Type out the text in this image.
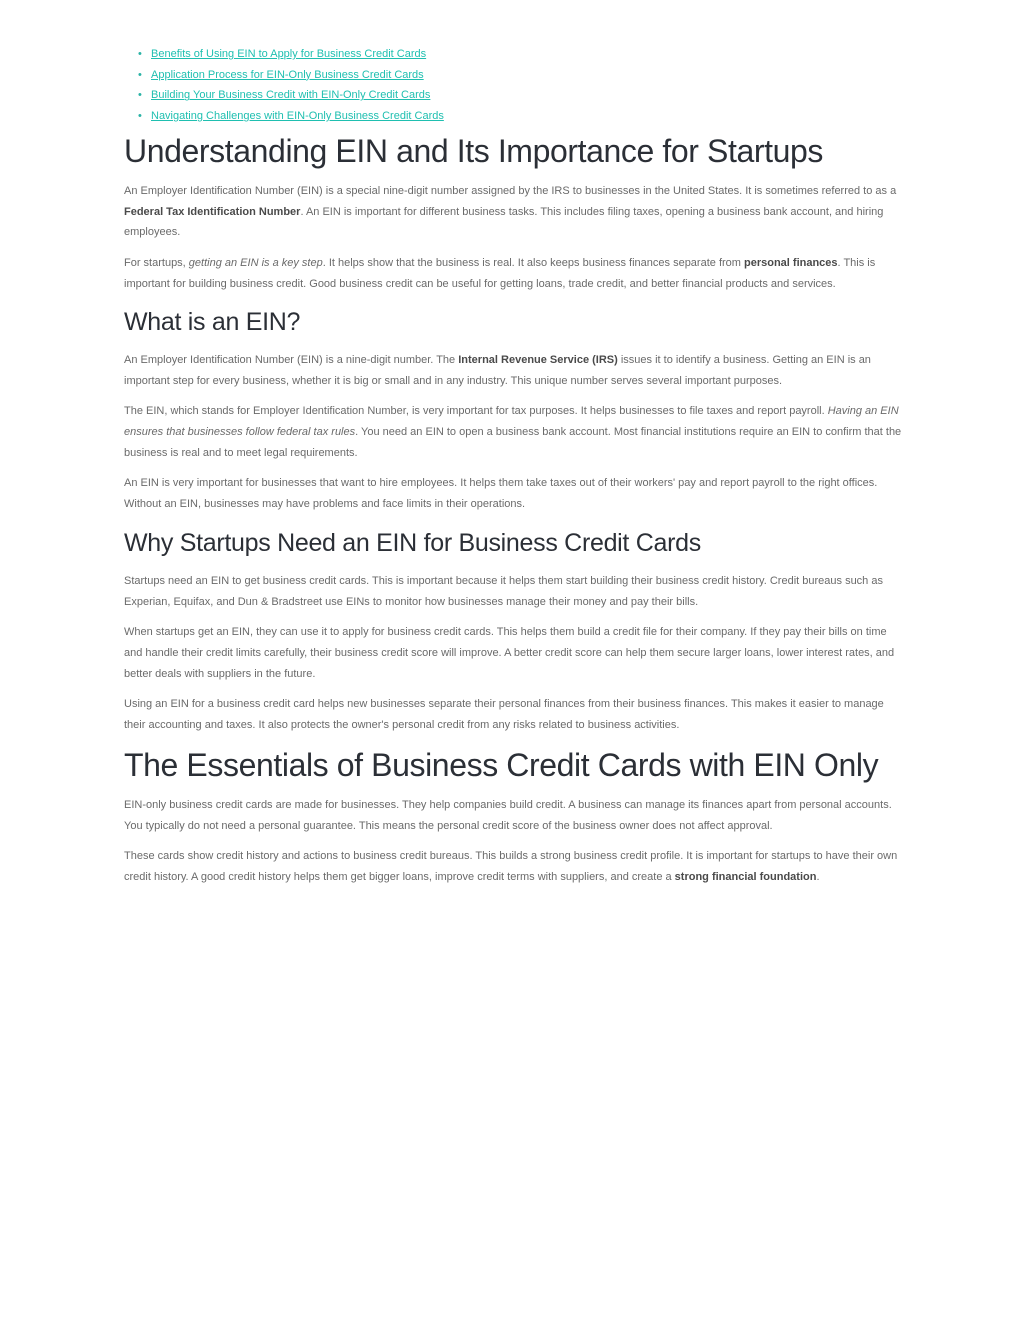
• Benefits of Using EIN to Apply for Business Credit Cards
• Application Process for EIN-Only Business Credit Cards
• Building Your Business Credit with EIN-Only Credit Cards
• Navigating Challenges with EIN-Only Business Credit Cards
Understanding EIN and Its Importance for Startups

An Employer Identification Number (EIN) is a special nine-digit number assigned by the IRS to businesses in the United States. It is sometimes referred to as a Federal Tax Identification Number. An EIN is important for different business tasks. This includes filing taxes, opening a business bank account, and hiring employees.

For startups, getting an EIN is a key step. It helps show that the business is real. It also keeps business finances separate from personal finances. This is important for building business credit. Good business credit can be useful for getting loans, trade credit, and better financial products and services.

What is an EIN?

An Employer Identification Number (EIN) is a nine-digit number. The Internal Revenue Service (IRS) issues it to identify a business. Getting an EIN is an important step for every business, whether it is big or small and in any industry. This unique number serves several important purposes.

The EIN, which stands for Employer Identification Number, is very important for tax purposes. It helps businesses to file taxes and report payroll. Having an EIN ensures that businesses follow federal tax rules. You need an EIN to open a business bank account. Most financial institutions require an EIN to confirm that the business is real and to meet legal requirements.

An EIN is very important for businesses that want to hire employees. It helps them take taxes out of their workers' pay and report payroll to the right offices. Without an EIN, businesses may have problems and face limits in their operations.

Why Startups Need an EIN for Business Credit Cards

Startups need an EIN to get business credit cards. This is important because it helps them start building their business credit history. Credit bureaus such as Experian, Equifax, and Dun & Bradstreet use EINs to monitor how businesses manage their money and pay their bills.

When startups get an EIN, they can use it to apply for business credit cards. This helps them build a credit file for their company. If they pay their bills on time and handle their credit limits carefully, their business credit score will improve. A better credit score can help them secure larger loans, lower interest rates, and better deals with suppliers in the future.

Using an EIN for a business credit card helps new businesses separate their personal finances from their business finances. This makes it easier to manage their accounting and taxes. It also protects the owner's personal credit from any risks related to business activities.

The Essentials of Business Credit Cards with EIN Only

EIN-only business credit cards are made for businesses. They help companies build credit. A business can manage its finances apart from personal accounts. You typically do not need a personal guarantee. This means the personal credit score of the business owner does not affect approval.

These cards show credit history and actions to business credit bureaus. This builds a strong business credit profile. It is important for startups to have their own credit history. A good credit history helps them get bigger loans, improve credit terms with suppliers, and create a strong financial foundation.
